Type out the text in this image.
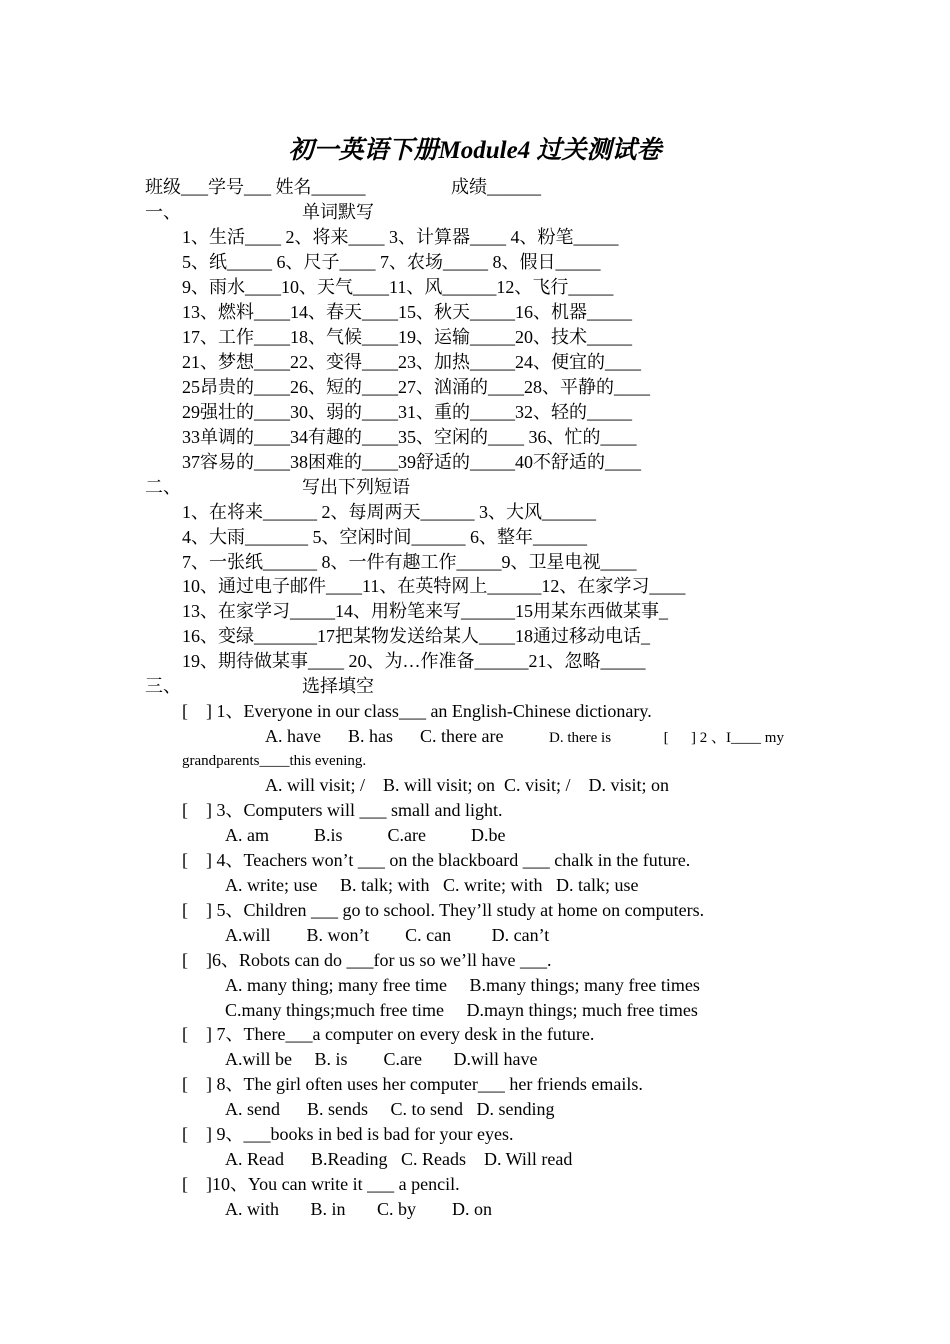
初一英语下册Module4 过关测试卷
班级___学号___ 姓名______                   成绩______
一、	单词默写
1、生活____ 2、将来____ 3、计算器____ 4、粉笔_____
5、纸_____ 6、尺子____ 7、农场_____ 8、假日_____
9、雨水____10、天气____11、风______12、飞行_____
13、燃料____14、春天____15、秋天_____16、机器_____
17、工作____18、气候____19、运输_____20、技术_____
21、梦想____22、变得____23、加热_____24、便宜的____
25昂贵的____26、短的____27、汹涌的____28、平静的____
29强壮的____30、弱的____31、重的_____32、轻的_____
33单调的____34有趣的____35、空闲的____ 36、忙的____
37容易的____38困难的____39舒适的_____40不舒适的____
二、	写出下列短语
1、在将来______ 2、每周两天______ 3、大风______
4、大雨_______ 5、空闲时间______ 6、整年______
7、一张纸______ 8、一件有趣工作_____9、卫星电视____
10、通过电子邮件____11、在英特网上______12、在家学习____
13、在家学习_____14、用粉笔来写______15用某东西做某事_
16、变绿_______17把某物发送给某人____18通过移动电话_
19、期待做某事____ 20、为…作准备______21、忽略_____
三、	选择填空
[    ] 1、Everyone in our class___ an English-Chinese dictionary.
A. have      B. has      C. there are	D. there is              [      ] 2 、I____ my
grandparents____this evening.
A. will visit; /    B. will visit; on  C. visit; /    D. visit; on
[    ] 3、Computers will ___ small and light.
A. am          B.is          C.are          D.be
[    ] 4、Teachers won’t ___ on the blackboard ___ chalk in the future.
A. write; use     B. talk; with   C. write; with   D. talk; use
[    ] 5、Children ___ go to school. They’ll study at home on computers.
A.will        B. won’t        C. can         D. can’t
[    ]6、Robots can do ___for us so we’ll have ___.
A. many thing; many free time     B.many things; many free times
C.many things;much free time     D.mayn things; much free times
[    ] 7、There___a computer on every desk in the future.
A.will be     B. is        C.are       D.will have
[    ] 8、The girl often uses her computer___ her friends emails.
A. send      B. sends     C. to send   D. sending
[    ] 9、___books in bed is bad for your eyes.
A. Read      B.Reading   C. Reads    D. Will read
[    ]10、You can write it ___ a pencil.
A. with       B. in       C. by        D. on
